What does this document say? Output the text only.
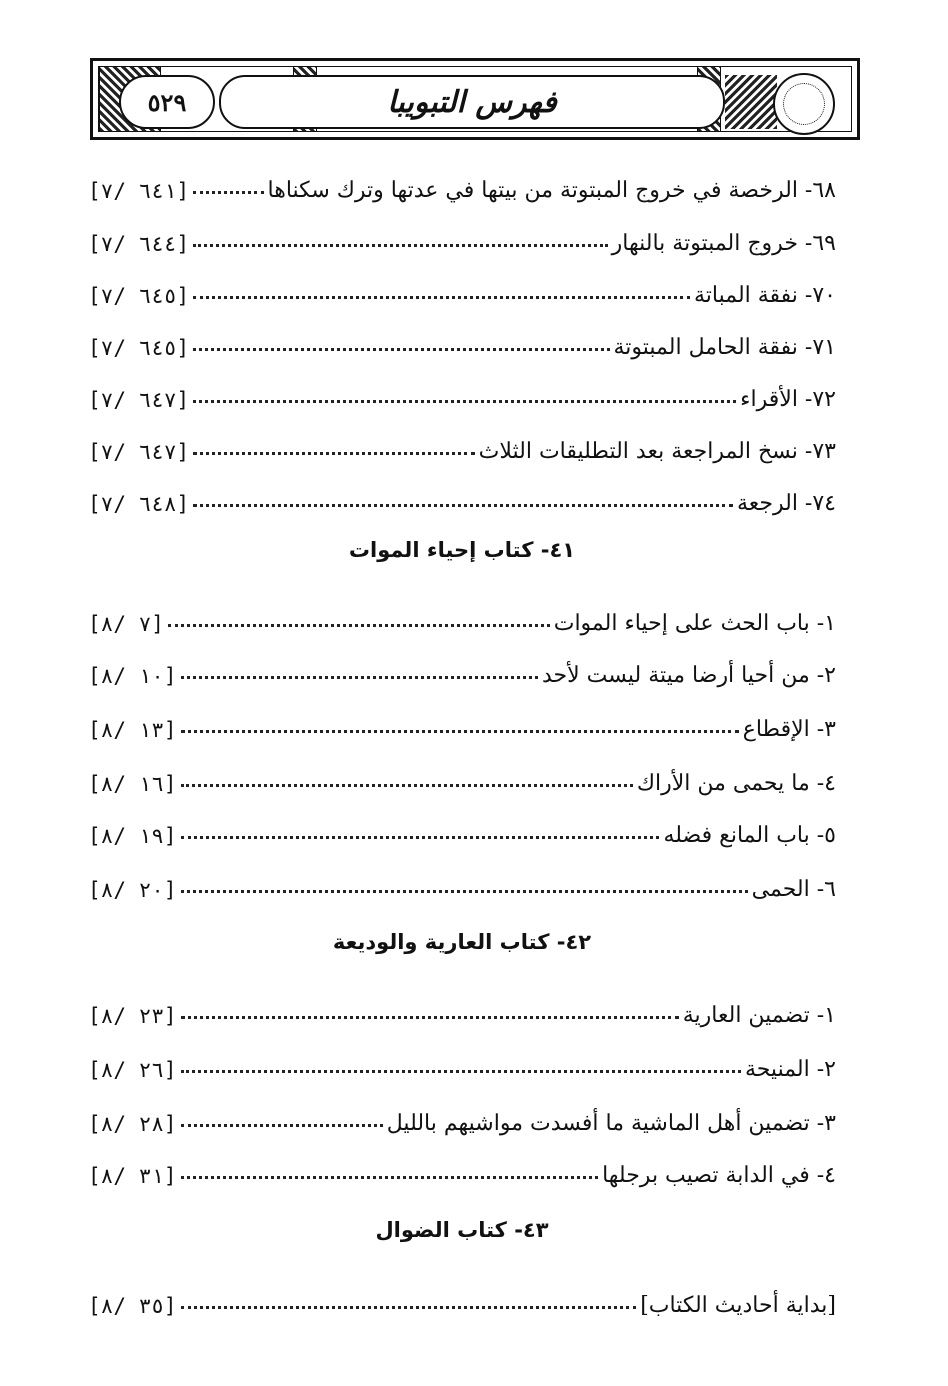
٥٢٩	فهرس التبويبا
٦٨- الرخصة في خروج المبتوتة من بيتها في عدتها وترك سكناها
[٦٤١ /٧]
٦٩- خروج المبتوتة بالنهار
[٦٤٤ /٧]
٧٠- نفقة المباتة
[٦٤٥ /٧]
٧١- نفقة الحامل المبتوتة
[٦٤٥ /٧]
٧٢- الأقراء
[٦٤٧ /٧]
٧٣- نسخ المراجعة بعد التطليقات الثلاث
[٦٤٧ /٧]
٧٤- الرجعة
[٦٤٨ /٧]
٤١- كتاب إحياء الموات
١- باب الحث على إحياء الموات
[٧ /٨]
٢- من أحيا أرضا ميتة ليست لأحد
[١٠ /٨]
٣- الإقطاع
[١٣ /٨]
٤- ما يحمى من الأراك
[١٦ /٨]
٥- باب المانع فضله
[١٩ /٨]
٦- الحمى
[٢٠ /٨]
٤٢- كتاب العارية والوديعة
١- تضمين العارية
[٢٣ /٨]
٢- المنيحة
[٢٦ /٨]
٣- تضمين أهل الماشية ما أفسدت مواشيهم بالليل
[٢٨ /٨]
٤- في الدابة تصيب برجلها
[٣١ /٨]
٤٣- كتاب الضوال
[بداية أحاديث الكتاب]
[٣٥ /٨]
